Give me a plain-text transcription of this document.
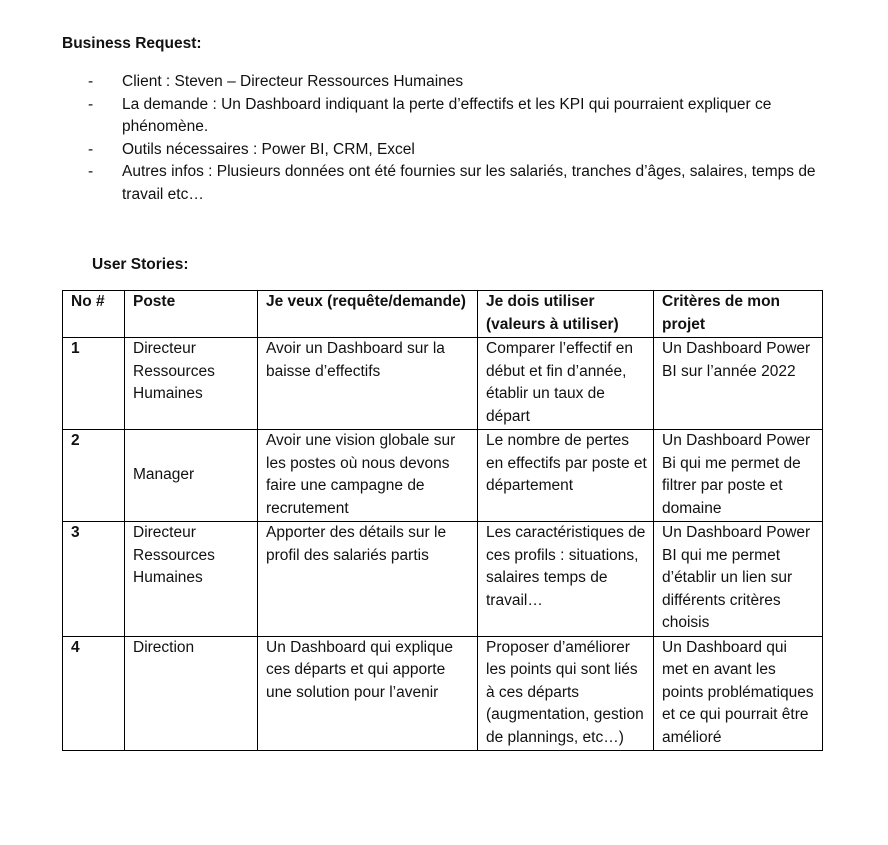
Business Request:
- Client : Steven – Directeur Ressources Humaines
- La demande : Un Dashboard indiquant la perte d’effectifs et les KPI qui pourraient expliquer ce phénomène.
- Outils nécessaires : Power BI, CRM, Excel
- Autres infos : Plusieurs données ont été fournies sur les salariés, tranches d’âges, salaires, temps de travail etc…
User Stories:
No #	Poste	Je veux (requête/demande)	Je dois utiliser (valeurs à utiliser)	Critères de mon projet
1	Directeur Ressources Humaines	Avoir un Dashboard sur la baisse d’effectifs	Comparer l’effectif en début et fin d’année, établir un taux de départ	Un Dashboard Power BI sur l’année 2022
2	Manager	Avoir une vision globale sur les postes où nous devons faire une campagne de recrutement	Le nombre de pertes en effectifs par poste et département	Un Dashboard Power Bi qui me permet de filtrer par poste et domaine
3	Directeur Ressources Humaines	Apporter des détails sur le profil des salariés partis	Les caractéristiques de ces profils : situations, salaires temps de travail…	Un Dashboard Power BI qui me permet d’établir un lien sur différents critères choisis
4	Direction	Un Dashboard qui explique ces départs et qui apporte une solution pour l’avenir	Proposer d’améliorer les points qui sont liés à ces départs (augmentation, gestion de plannings, etc…)	Un Dashboard qui met en avant les points problématiques et ce qui pourrait être amélioré
